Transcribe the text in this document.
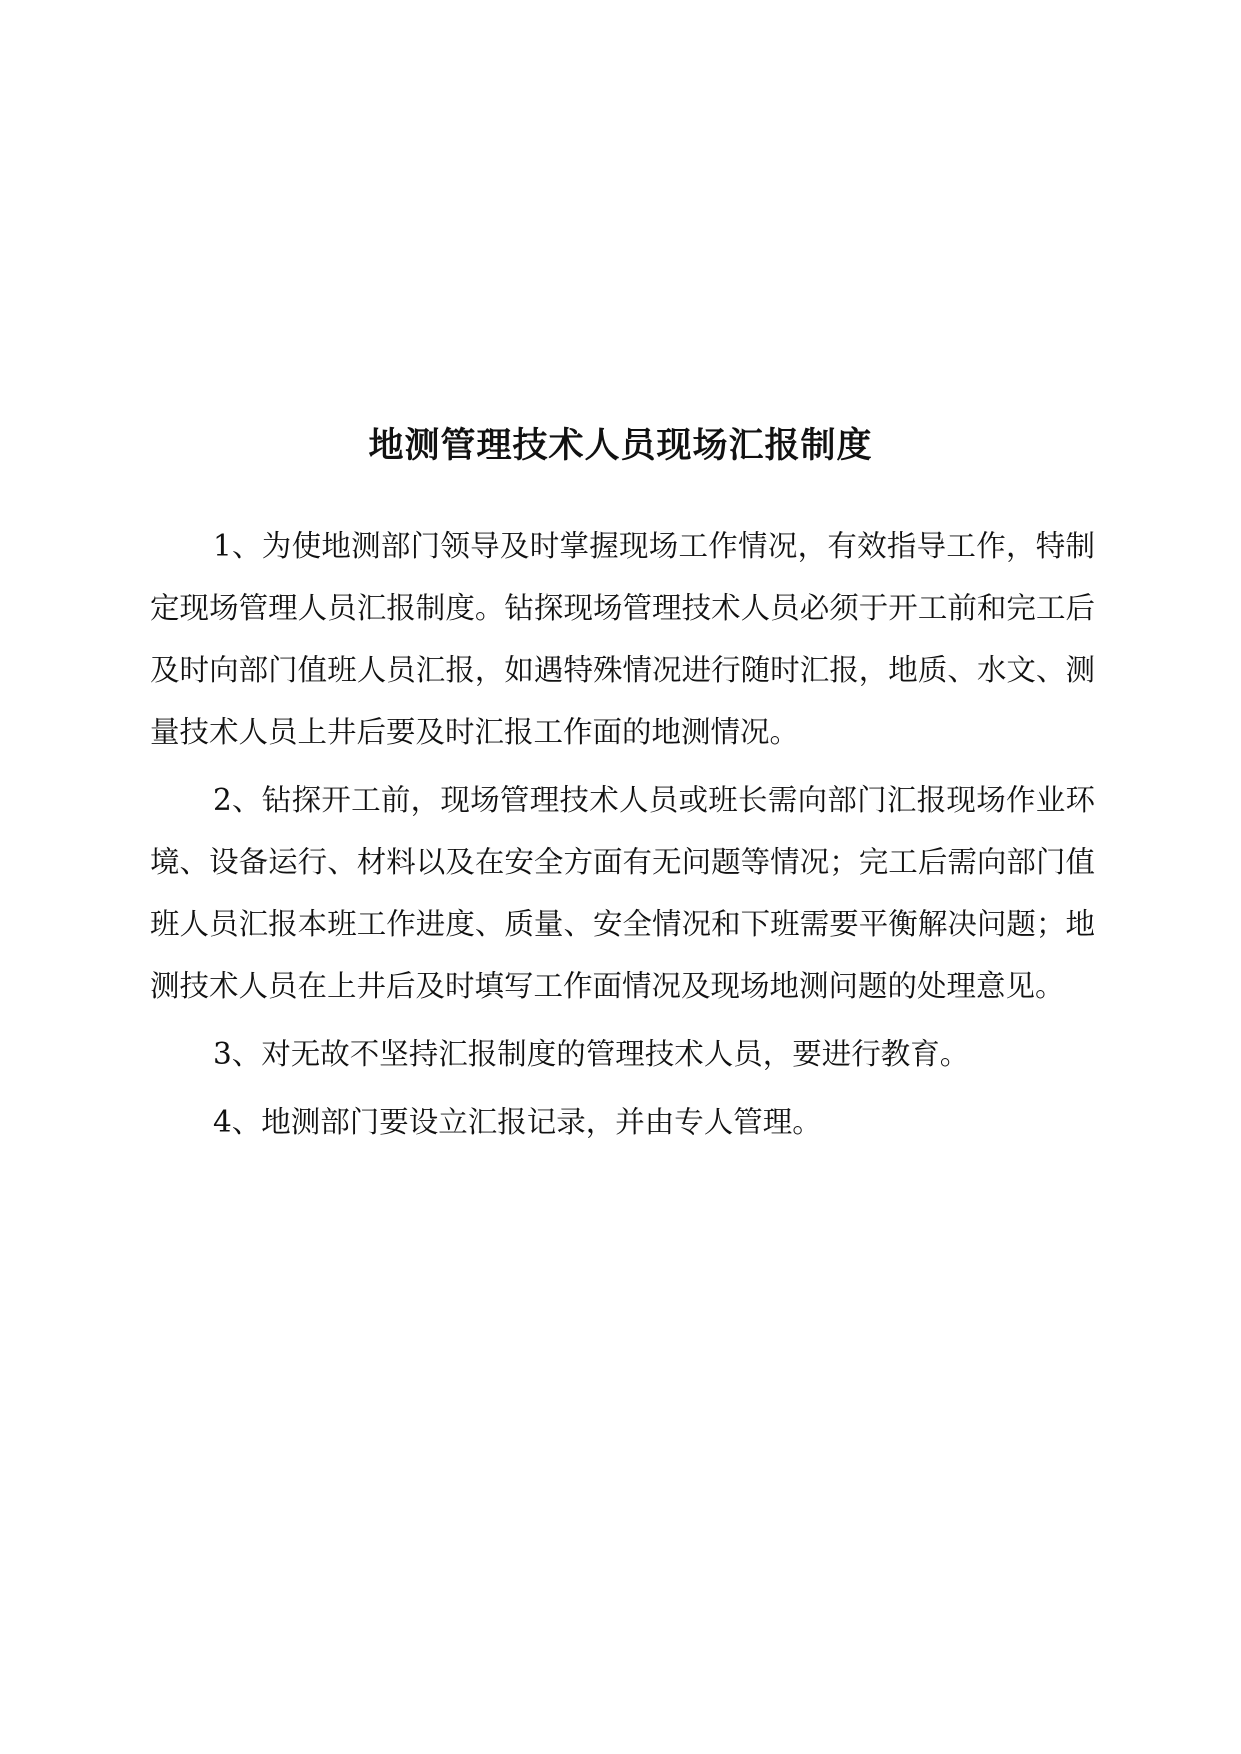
地测管理技术人员现场汇报制度

1、为使地测部门领导及时掌握现场工作情况，有效指导工作，特制定现场管理人员汇报制度。钻探现场管理技术人员必须于开工前和完工后及时向部门值班人员汇报，如遇特殊情况进行随时汇报，地质、水文、测量技术人员上井后要及时汇报工作面的地测情况。

2、钻探开工前，现场管理技术人员或班长需向部门汇报现场作业环境、设备运行、材料以及在安全方面有无问题等情况；完工后需向部门值班人员汇报本班工作进度、质量、安全情况和下班需要平衡解决问题；地测技术人员在上井后及时填写工作面情况及现场地测问题的处理意见。

3、对无故不坚持汇报制度的管理技术人员，要进行教育。

4、地测部门要设立汇报记录，并由专人管理。
